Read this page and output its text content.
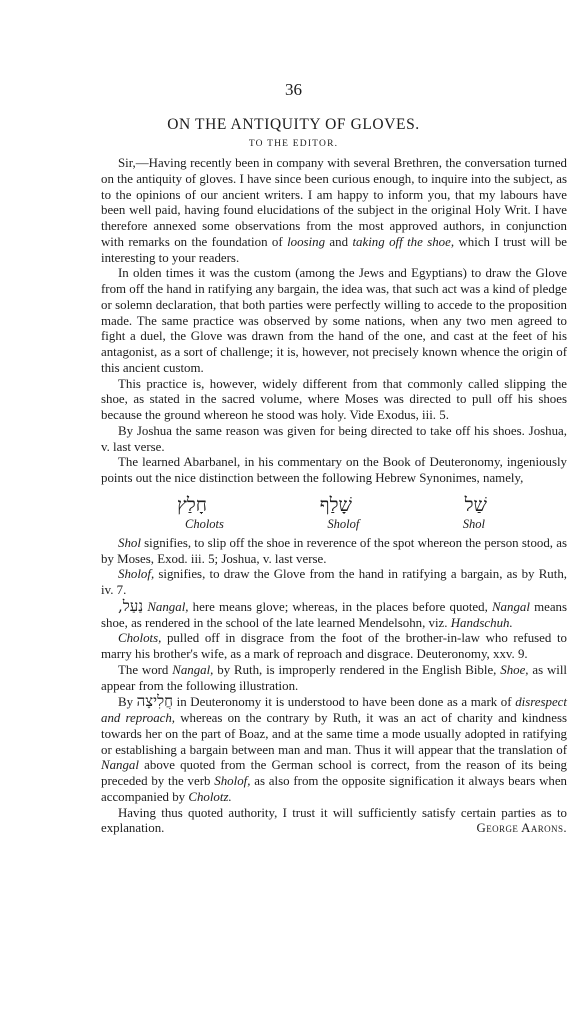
36
ON THE ANTIQUITY OF GLOVES.
TO THE EDITOR.

Sir,—Having recently been in company with several Brethren, the conversation turned on the antiquity of gloves. I have since been curious enough, to inquire into the subject, as to the opinions of our ancient writers. I am happy to inform you, that my labours have been well paid, having found elucidations of the subject in the original Holy Writ. I have therefore annexed some observations from the most approved authors, in conjunction with remarks on the foundation of loosing and taking off the shoe, which I trust will be interesting to your readers.

In olden times it was the custom (among the Jews and Egyptians) to draw the Glove from off the hand in ratifying any bargain, the idea was, that such act was a kind of pledge or solemn declaration, that both parties were perfectly willing to accede to the proposition made. The same practice was observed by some nations, when any two men agreed to fight a duel, the Glove was drawn from the hand of the one, and cast at the feet of his antagonist, as a sort of challenge; it is, however, not precisely known whence the origin of this ancient custom.

This practice is, however, widely different from that commonly called slipping the shoe, as stated in the sacred volume, where Moses was directed to pull off his shoes because the ground whereon he stood was holy. Vide Exodus, iii. 5.

By Joshua the same reason was given for being directed to take off his shoes. Joshua, v. last verse.

The learned Abarbanel, in his commentary on the Book of Deuteronomy, ingeniously points out the nice distinction between the following Hebrew Synonimes, namely,

חָלַץ	שָׁלַף	שַׁל
Cholots	Sholof	Shol

Shol signifies, to slip off the shoe in reverence of the spot whereon the person stood, as by Moses, Exod. iii. 5; Joshua, v. last verse.

Sholof, signifies, to draw the Glove from the hand in ratifying a bargain, as by Ruth, iv. 7.

נַעַל, Nangal, here means glove; whereas, in the places before quoted, Nangal means shoe, as rendered in the school of the late learned Mendelsohn, viz. Handschuh.

Cholots, pulled off in disgrace from the foot of the brother-in-law who refused to marry his brother's wife, as a mark of reproach and disgrace. Deuteronomy, xxv. 9.

The word Nangal, by Ruth, is improperly rendered in the English Bible, Shoe, as will appear from the following illustration.

By חֲלִיצָה in Deuteronomy it is understood to have been done as a mark of disrespect and reproach, whereas on the contrary by Ruth, it was an act of charity and kindness towards her on the part of Boaz, and at the same time a mode usually adopted in ratifying or establishing a bargain between man and man. Thus it will appear that the translation of Nangal above quoted from the German school is correct, from the reason of its being preceded by the verb Sholof, as also from the opposite signification it always bears when accompanied by Cholotz.

Having thus quoted authority, I trust it will sufficiently satisfy certain parties as to explanation.	George Aarons.
